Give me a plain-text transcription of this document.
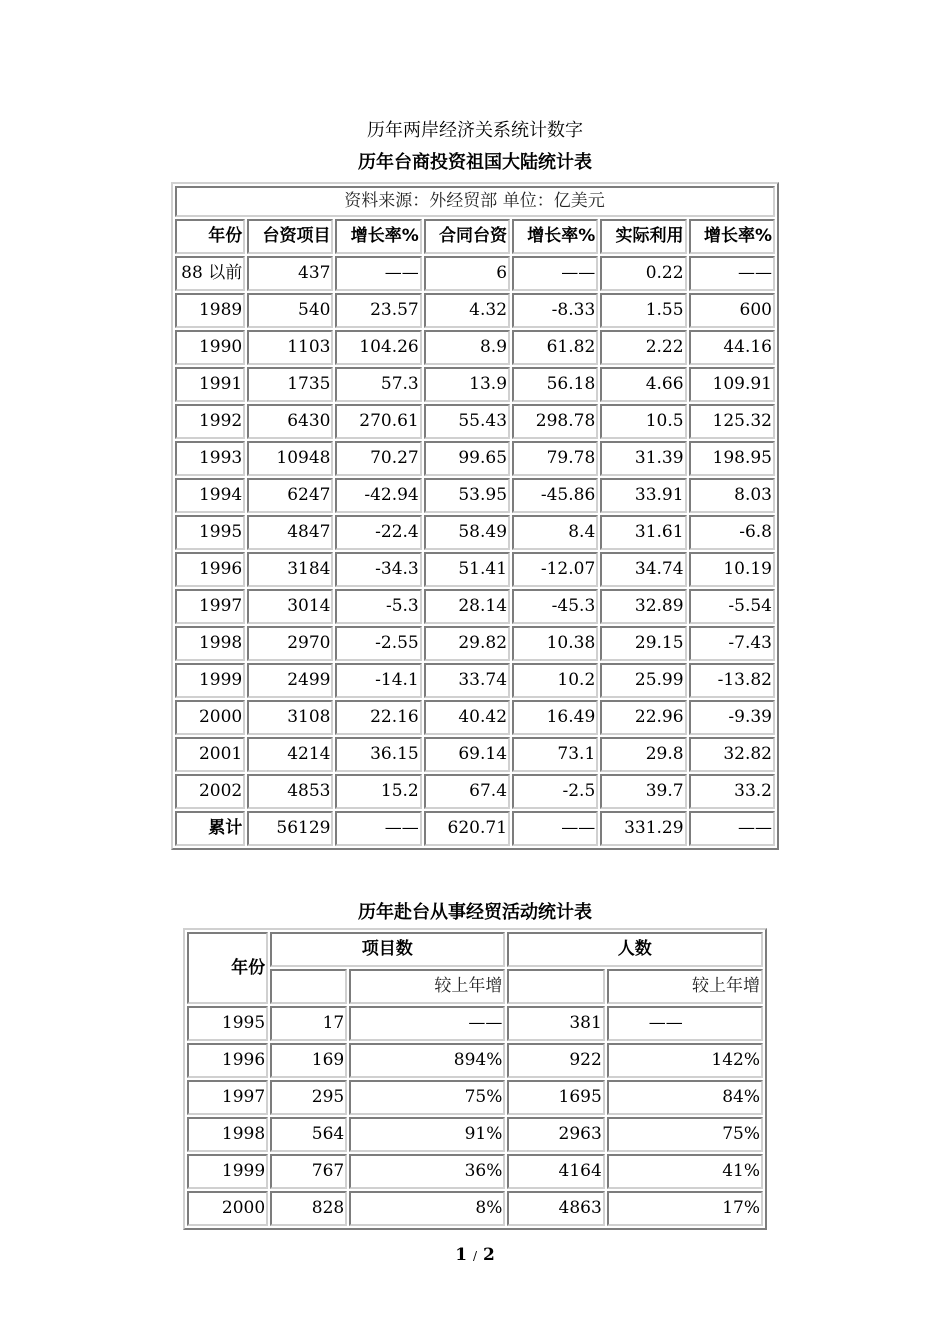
历年两岸经济关系统计数字
历年台商投资祖国大陆统计表
资料来源：外经贸部 单位：亿美元						
年份	台资项目	增长率%	合同台资	增长率%	实际利用	增长率%
88 以前	437	——	6	——	0.22	——
1989	540	23.57	4.32	-8.33	1.55	600
1990	1103	104.26	8.9	61.82	2.22	44.16
1991	1735	57.3	13.9	56.18	4.66	109.91
1992	6430	270.61	55.43	298.78	10.5	125.32
1993	10948	70.27	99.65	79.78	31.39	198.95
1994	6247	-42.94	53.95	-45.86	33.91	8.03
1995	4847	-22.4	58.49	8.4	31.61	-6.8
1996	3184	-34.3	51.41	-12.07	34.74	10.19
1997	3014	-5.3	28.14	-45.3	32.89	-5.54
1998	2970	-2.55	29.82	10.38	29.15	-7.43
1999	2499	-14.1	33.74	10.2	25.99	-13.82
2000	3108	22.16	40.42	16.49	22.96	-9.39
2001	4214	36.15	69.14	73.1	29.8	32.82
2002	4853	15.2	67.4	-2.5	39.7	33.2
累计	56129	——	620.71	——	331.29	——
历年赴台从事经贸活动统计表
年份	项目数		人数	
		较上年增		较上年增
1995	17	——	381	——
1996	169	894%	922	142%
1997	295	75%	1695	84%
1998	564	91%	2963	75%
1999	767	36%	4164	41%
2000	828	8%	4863	17%
1 / 2
